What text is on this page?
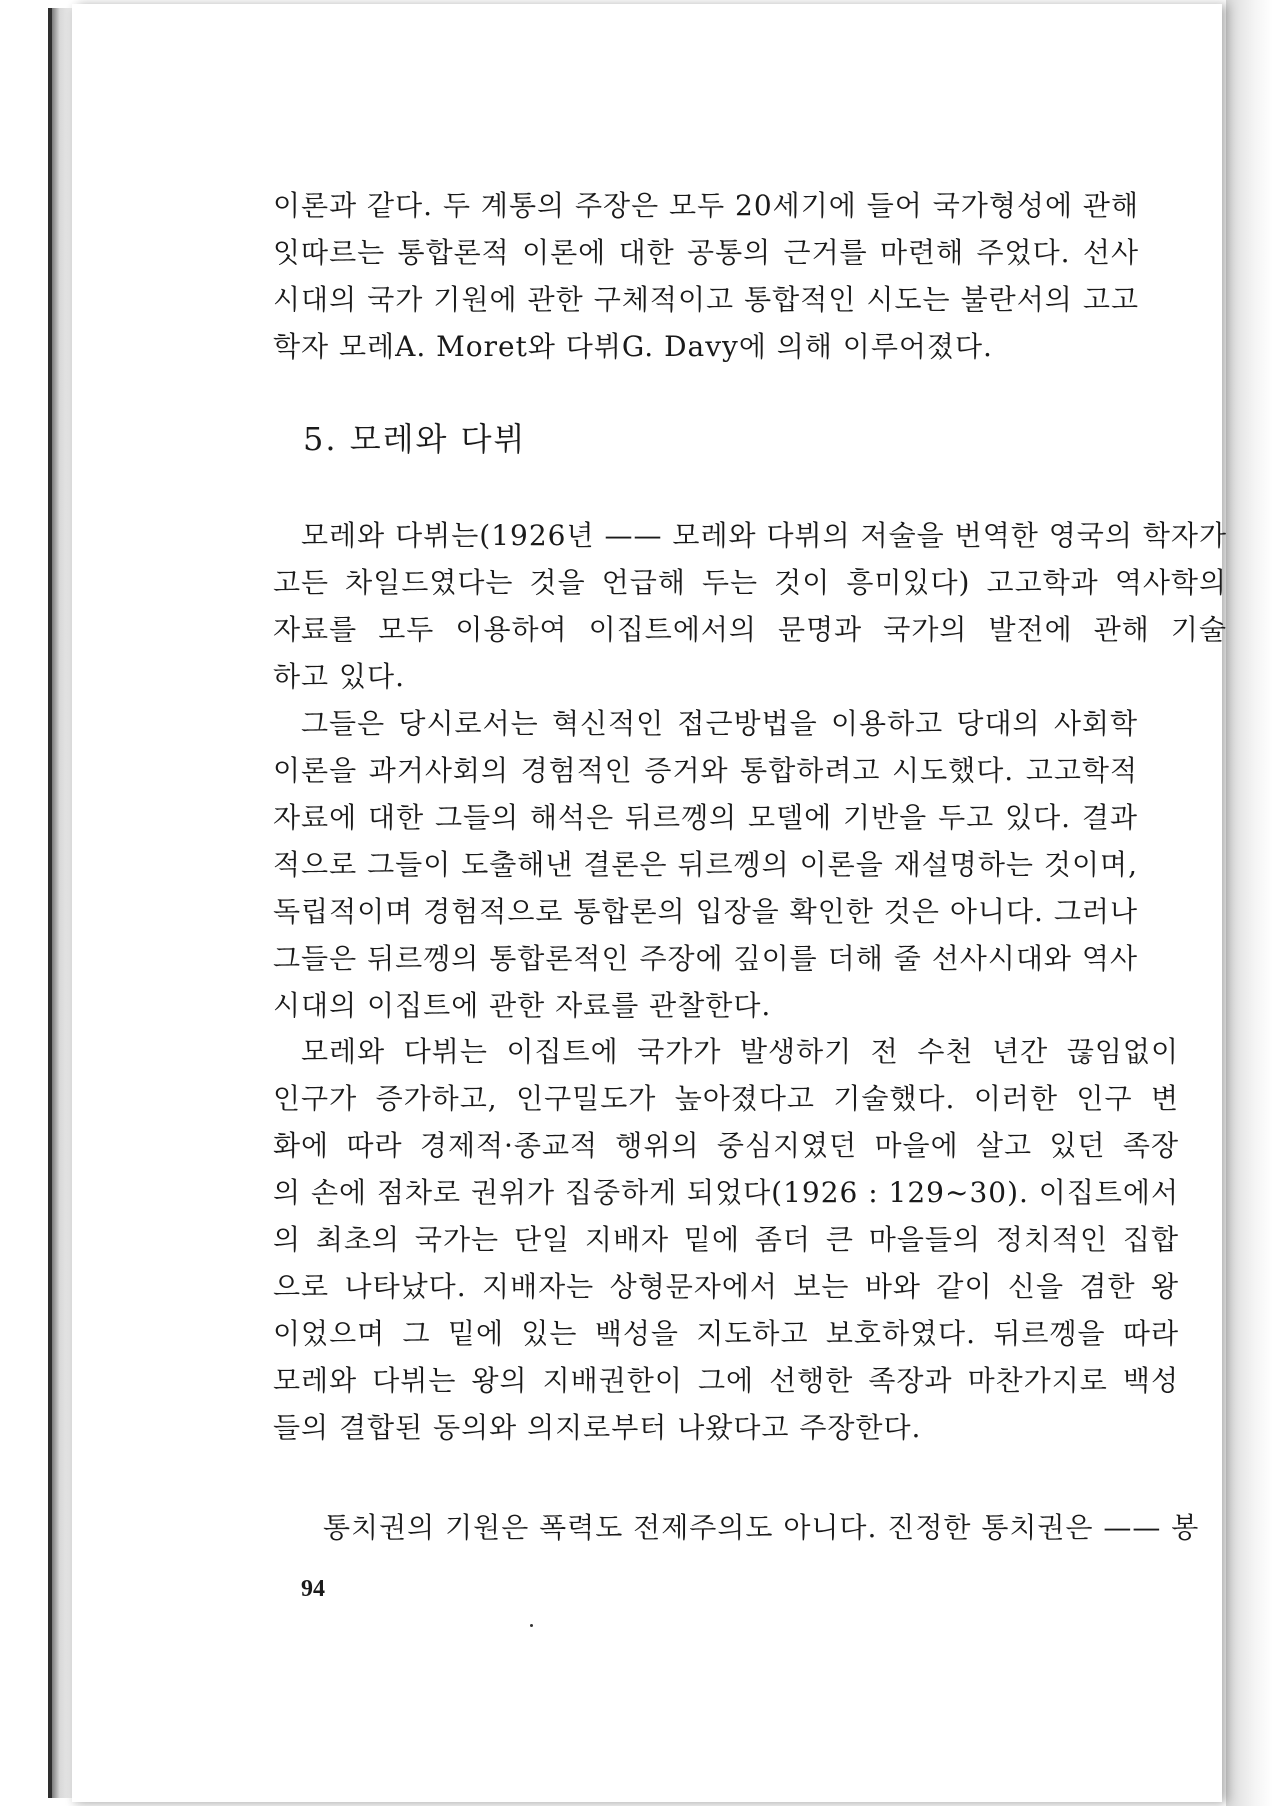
이론과 같다. 두 계통의 주장은 모두 20세기에 들어 국가형성에 관해
잇따르는 통합론적 이론에 대한 공통의 근거를 마련해 주었다. 선사
시대의 국가 기원에 관한 구체적이고 통합적인 시도는 불란서의 고고
학자 모레A. Moret와 다뷔G. Davy에 의해 이루어졌다.

5. 모레와 다뷔

모레와 다뷔는(1926년 —— 모레와 다뷔의 저술을 번역한 영국의 학자가
고든 차일드였다는 것을 언급해 두는 것이 흥미있다) 고고학과 역사학의
자료를 모두 이용하여 이집트에서의 문명과 국가의 발전에 관해 기술
하고 있다.

그들은 당시로서는 혁신적인 접근방법을 이용하고 당대의 사회학
이론을 과거사회의 경험적인 증거와 통합하려고 시도했다. 고고학적
자료에 대한 그들의 해석은 뒤르껭의 모델에 기반을 두고 있다. 결과
적으로 그들이 도출해낸 결론은 뒤르껭의 이론을 재설명하는 것이며,
독립적이며 경험적으로 통합론의 입장을 확인한 것은 아니다. 그러나
그들은 뒤르껭의 통합론적인 주장에 깊이를 더해 줄 선사시대와 역사
시대의 이집트에 관한 자료를 관찰한다.

모레와 다뷔는 이집트에 국가가 발생하기 전 수천 년간 끊임없이
인구가 증가하고, 인구밀도가 높아졌다고 기술했다. 이러한 인구 변
화에 따라 경제적·종교적 행위의 중심지였던 마을에 살고 있던 족장
의 손에 점차로 권위가 집중하게 되었다(1926 : 129~30). 이집트에서
의 최초의 국가는 단일 지배자 밑에 좀더 큰 마을들의 정치적인 집합
으로 나타났다. 지배자는 상형문자에서 보는 바와 같이 신을 겸한 왕
이었으며 그 밑에 있는 백성을 지도하고 보호하였다. 뒤르껭을 따라
모레와 다뷔는 왕의 지배권한이 그에 선행한 족장과 마찬가지로 백성
들의 결합된 동의와 의지로부터 나왔다고 주장한다.

통치권의 기원은 폭력도 전제주의도 아니다. 진정한 통치권은 —— 봉

94
